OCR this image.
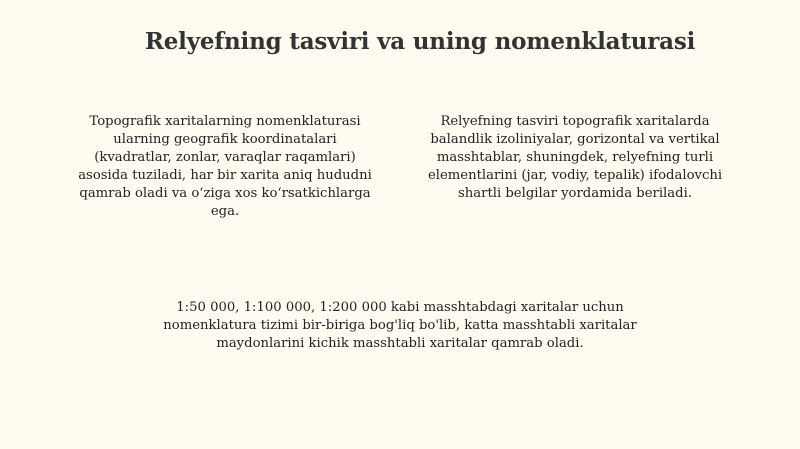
Relyefning tasviri va uning nomenklaturasi
Topografik xaritalarning nomenklaturasi
ularning geografik koordinatalari
(kvadratlar, zonlar, varaqlar raqamlari)
asosida tuziladi, har bir xarita aniq hududni
qamrab oladi va o‘ziga xos ko‘rsatkichlarga
ega.
Relyefning tasviri topografik xaritalarda
balandlik izoliniyalar, gorizontal va vertikal
masshtablar, shuningdek, relyefning turli
elementlarini (jar, vodiy, tepalik) ifodalovchi
shartli belgilar yordamida beriladi.
1:50 000, 1:100 000, 1:200 000 kabi masshtabdagi xaritalar uchun
nomenklatura tizimi bir-biriga bog'liq bo'lib, katta masshtabli xaritalar
maydonlarini kichik masshtabli xaritalar qamrab oladi.
